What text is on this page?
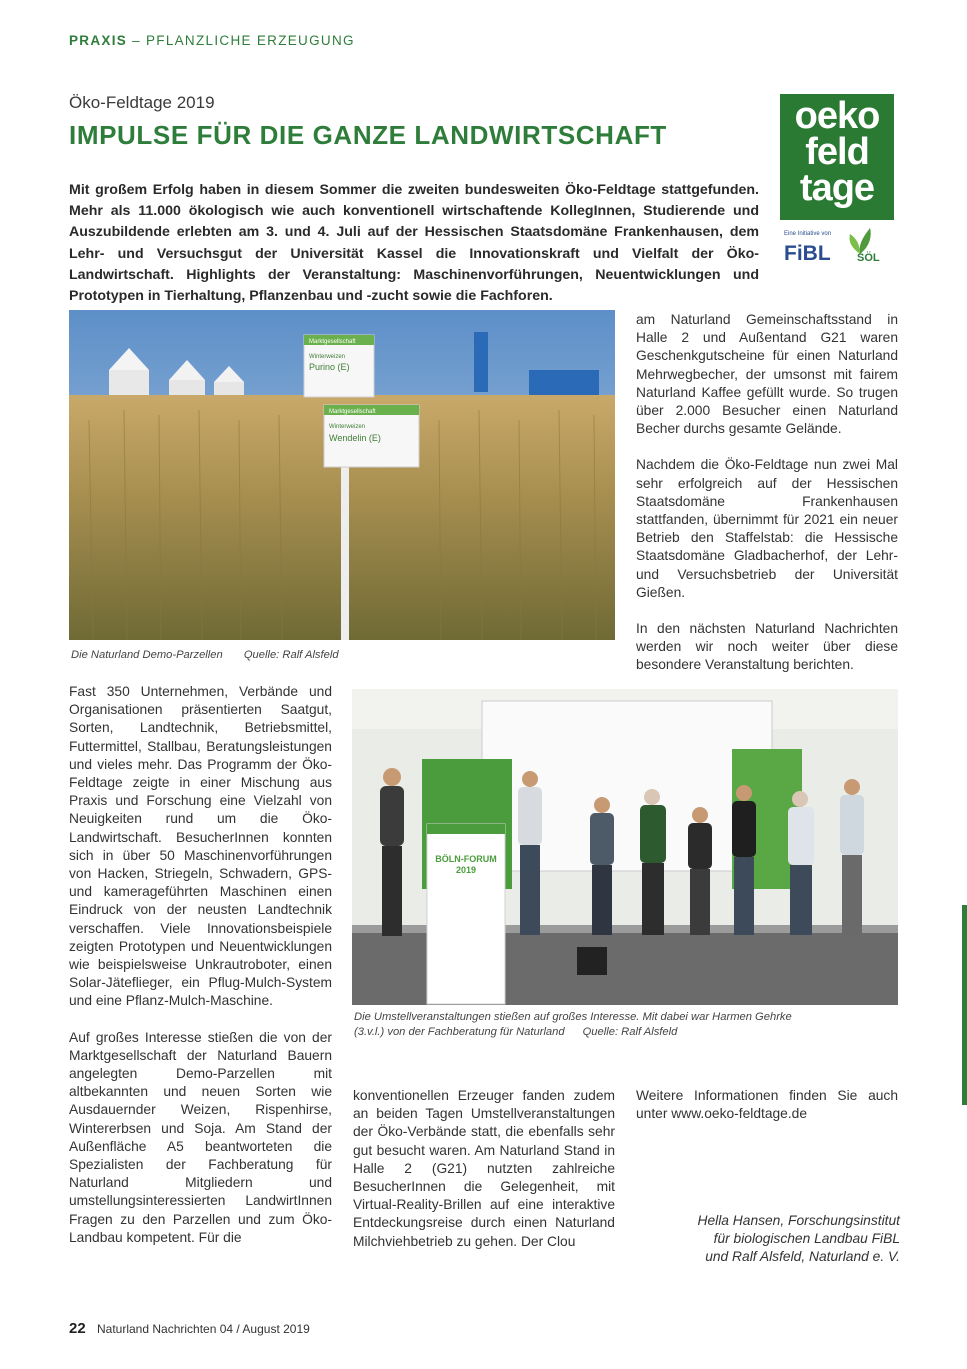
PRAXIS – PFLANZLICHE ERZEUGUNG
Öko-Feldtage 2019
IMPULSE FÜR DIE GANZE LANDWIRTSCHAFT	oeko
feld
tage
Eine Initiative von
FiBL SÖL
Mit großem Erfolg haben in diesem Sommer die zweiten bundesweiten Öko-Feldtage stattgefunden. Mehr als 11.000 ökologisch wie auch konventionell wirtschaftende KollegInnen, Studierende und Auszubildende erlebten am 3. und 4. Juli auf der Hessischen Staatsdomäne Frankenhausen, dem Lehr- und Versuchsgut der Universität Kassel die Innovationskraft und Vielfalt der Öko-Landwirtschaft. Highlights der Veranstaltung: Maschinenvorführungen, Neuentwicklungen und Prototypen in Tierhaltung, Pflanzenbau und -zucht sowie die Fachforen.
Marktgesellschaft
Winterweizen
Purino (E)
Marktgesellschaft
Winterweizen
Wendelin (E)
Die Naturland Demo-Parzellen Quelle: Ralf Alsfeld

am Naturland Gemeinschaftsstand in Halle 2 und Außentand G21 waren Geschenkgutscheine für einen Naturland Mehrwegbecher, der umsonst mit fairem Naturland Kaffee gefüllt wurde. So trugen über 2.000 Besucher einen Naturland Becher durchs gesamte Gelände.

Nachdem die Öko-Feldtage nun zwei Mal sehr erfolgreich auf der Hessischen Staatsdomäne Frankenhausen stattfanden, übernimmt für 2021 ein neuer Betrieb den Staffelstab: die Hessische Staatsdomäne Gladbacherhof, der Lehr- und Versuchsbetrieb der Universität Gießen.

In den nächsten Naturland Nachrichten werden wir noch weiter über diese besondere Veranstaltung berichten.

Fast 350 Unternehmen, Verbände und Organisationen präsentierten Saatgut, Sorten, Landtechnik, Betriebsmittel, Futtermittel, Stallbau, Beratungsleistungen und vieles mehr. Das Programm der Öko-Feldtage zeigte in einer Mischung aus Praxis und Forschung eine Vielzahl von Neuigkeiten rund um die Öko-Landwirtschaft. BesucherInnen konnten sich in über 50 Maschinenvorführungen von Hacken, Striegeln, Schwadern, GPS- und kamerageführten Maschinen einen Eindruck von der neusten Landtechnik verschaffen. Viele Innovationsbeispiele zeigten Prototypen und Neuentwicklungen wie beispielsweise Unkrautroboter, einen Solar-Jäteflieger, ein Pflug-Mulch-System und eine Pflanz-Mulch-Maschine.

Auf großes Interesse stießen die von der Marktgesellschaft der Naturland Bauern angelegten Demo-Parzellen mit altbekannten und neuen Sorten wie Ausdauernder Weizen, Rispenhirse, Wintererbsen und Soja. Am Stand der Außenfläche A5 beantworteten die Spezialisten der Fachberatung für Naturland Mitgliedern und umstellungsinteressierten LandwirtInnen Fragen zu den Parzellen und zum Öko-Landbau kompetent. Für die

BÖLN-FORUM 2019
Die Umstellveranstaltungen stießen auf großes Interesse. Mit dabei war Harmen Gehrke
(3.v.l.) von der Fachberatung für Naturland Quelle: Ralf Alsfeld

konventionellen Erzeuger fanden zudem an beiden Tagen Umstellveranstaltungen der Öko-Verbände statt, die ebenfalls sehr gut besucht waren. Am Naturland Stand in Halle 2 (G21) nutzten zahlreiche BesucherInnen die Gelegenheit, mit Virtual-Reality-Brillen auf eine interaktive Entdeckungsreise durch einen Naturland Milchviehbetrieb zu gehen. Der Clou

Weitere Informationen finden Sie auch unter www.oeko-feldtage.de

Hella Hansen, Forschungsinstitut
für biologischen Landbau FiBL
und Ralf Alsfeld, Naturland e. V.
22 Naturland Nachrichten 04 / August 2019
